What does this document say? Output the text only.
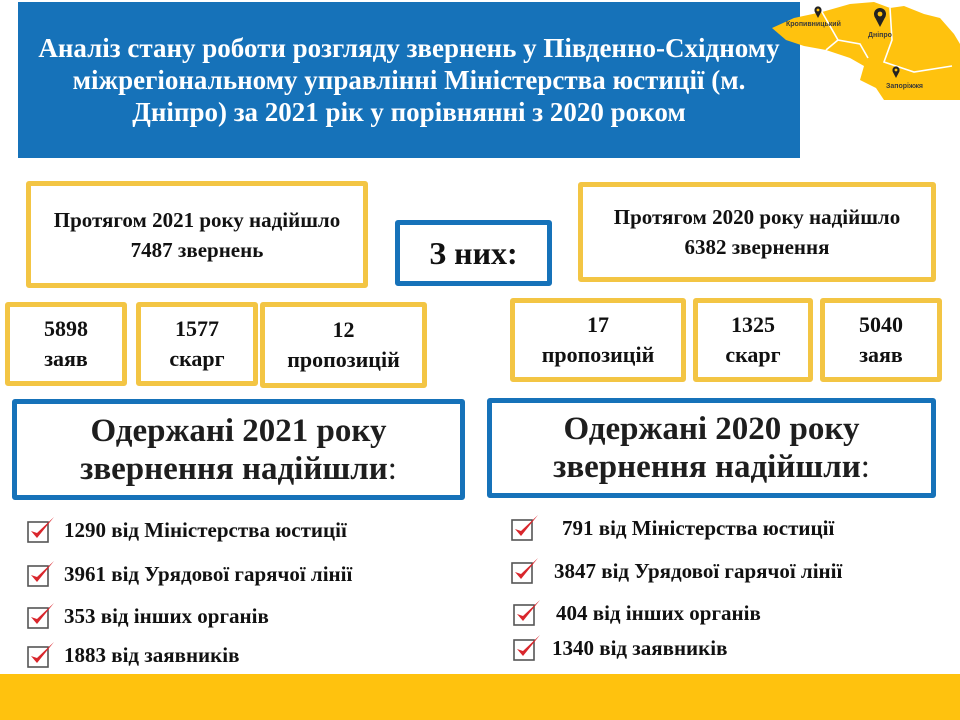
Аналіз стану роботи розгляду звернень у Південно-Східному міжрегіональному управлінні Міністерства юстиції (м. Дніпро) за 2021 рік у порівнянні з 2020 роком
Кропивницький
Дніпро
Запоріжжя
Протягом 2021 року надійшло 7487 звернень	З них:
Протягом 2020 року надійшло 6382 звернення
5898
заяв
1577
скарг
12
пропозицій
17
пропозицій
1325
скарг
5040
заяв
Одержані 2021 року
звернення надійшли:
Одержані 2020 року
звернення надійшли:
1290 від Міністерства юстиції
3961 від Урядової гарячої лінії
353 від інших органів
1883 від заявників
791 від Міністерства юстиції
3847 від Урядової гарячої лінії
404 від інших органів
1340 від заявників
